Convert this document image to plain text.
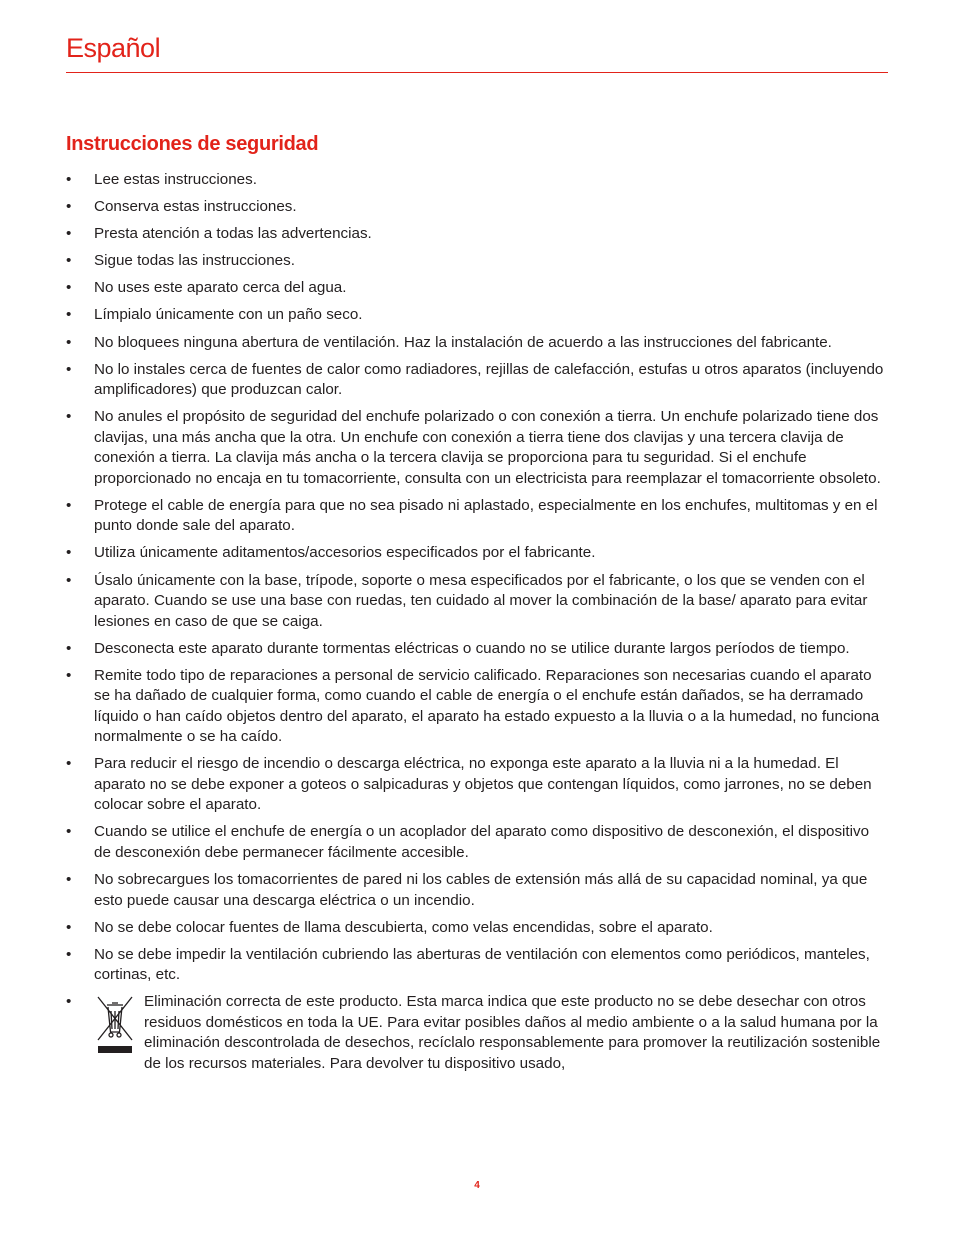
Español
Instrucciones de seguridad
• Lee estas instrucciones.
• Conserva estas instrucciones.
• Presta atención a todas las advertencias.
• Sigue todas las instrucciones.
• No uses este aparato cerca del agua.
• Límpialo únicamente con un paño seco.
• No bloquees ninguna abertura de ventilación. Haz la instalación de acuerdo a las instrucciones del fabricante.
• No lo instales cerca de fuentes de calor como radiadores, rejillas de calefacción, estufas u otros aparatos (incluyendo amplificadores) que produzcan calor.
• No anules el propósito de seguridad del enchufe polarizado o con conexión a tierra. Un enchufe polarizado tiene dos clavijas, una más ancha que la otra. Un enchufe con conexión a tierra tiene dos clavijas y una tercera clavija de conexión a tierra. La clavija más ancha o la tercera clavija se proporciona para tu seguridad. Si el enchufe proporcionado no encaja en tu tomacorriente, consulta con un electricista para reemplazar el tomacorriente obsoleto.
• Protege el cable de energía para que no sea pisado ni aplastado, especialmente en los enchufes, multitomas y en el punto donde sale del aparato.
• Utiliza únicamente aditamentos/accesorios especificados por el fabricante.
• Úsalo únicamente con la base, trípode, soporte o mesa especificados por el fabricante, o los que se venden con el aparato. Cuando se use una base con ruedas, ten cuidado al mover la combinación de la base/ aparato para evitar lesiones en caso de que se caiga.
• Desconecta este aparato durante tormentas eléctricas o cuando no se utilice durante largos períodos de tiempo.
• Remite todo tipo de reparaciones a personal de servicio calificado. Reparaciones son necesarias cuando el aparato se ha dañado de cualquier forma, como cuando el cable de energía o el enchufe están dañados, se ha derramado líquido o han caído objetos dentro del aparato, el aparato ha estado expuesto a la lluvia o a la humedad, no funciona normalmente o se ha caído.
• Para reducir el riesgo de incendio o descarga eléctrica, no exponga este aparato a la lluvia ni a la humedad. El aparato no se debe exponer a goteos o salpicaduras y objetos que contengan líquidos, como jarrones, no se deben colocar sobre el aparato.
• Cuando se utilice el enchufe de energía o un acoplador del aparato como dispositivo de desconexión, el dispositivo de desconexión debe permanecer fácilmente accesible.
• No sobrecargues los tomacorrientes de pared ni los cables de extensión más allá de su capacidad nominal, ya que esto puede causar una descarga eléctrica o un incendio.
• No se debe colocar fuentes de llama descubierta, como velas encendidas, sobre el aparato.
• No se debe impedir la ventilación cubriendo las aberturas de ventilación con elementos como periódicos, manteles, cortinas, etc.
•	Eliminación correcta de este producto. Esta marca indica que este producto no se debe desechar con otros residuos domésticos en toda la UE. Para evitar posibles daños al medio ambiente o a la salud humana por la eliminación descontrolada de desechos, recíclalo responsablemente para promover la reutilización sostenible de los recursos materiales. Para devolver tu dispositivo usado,
4
